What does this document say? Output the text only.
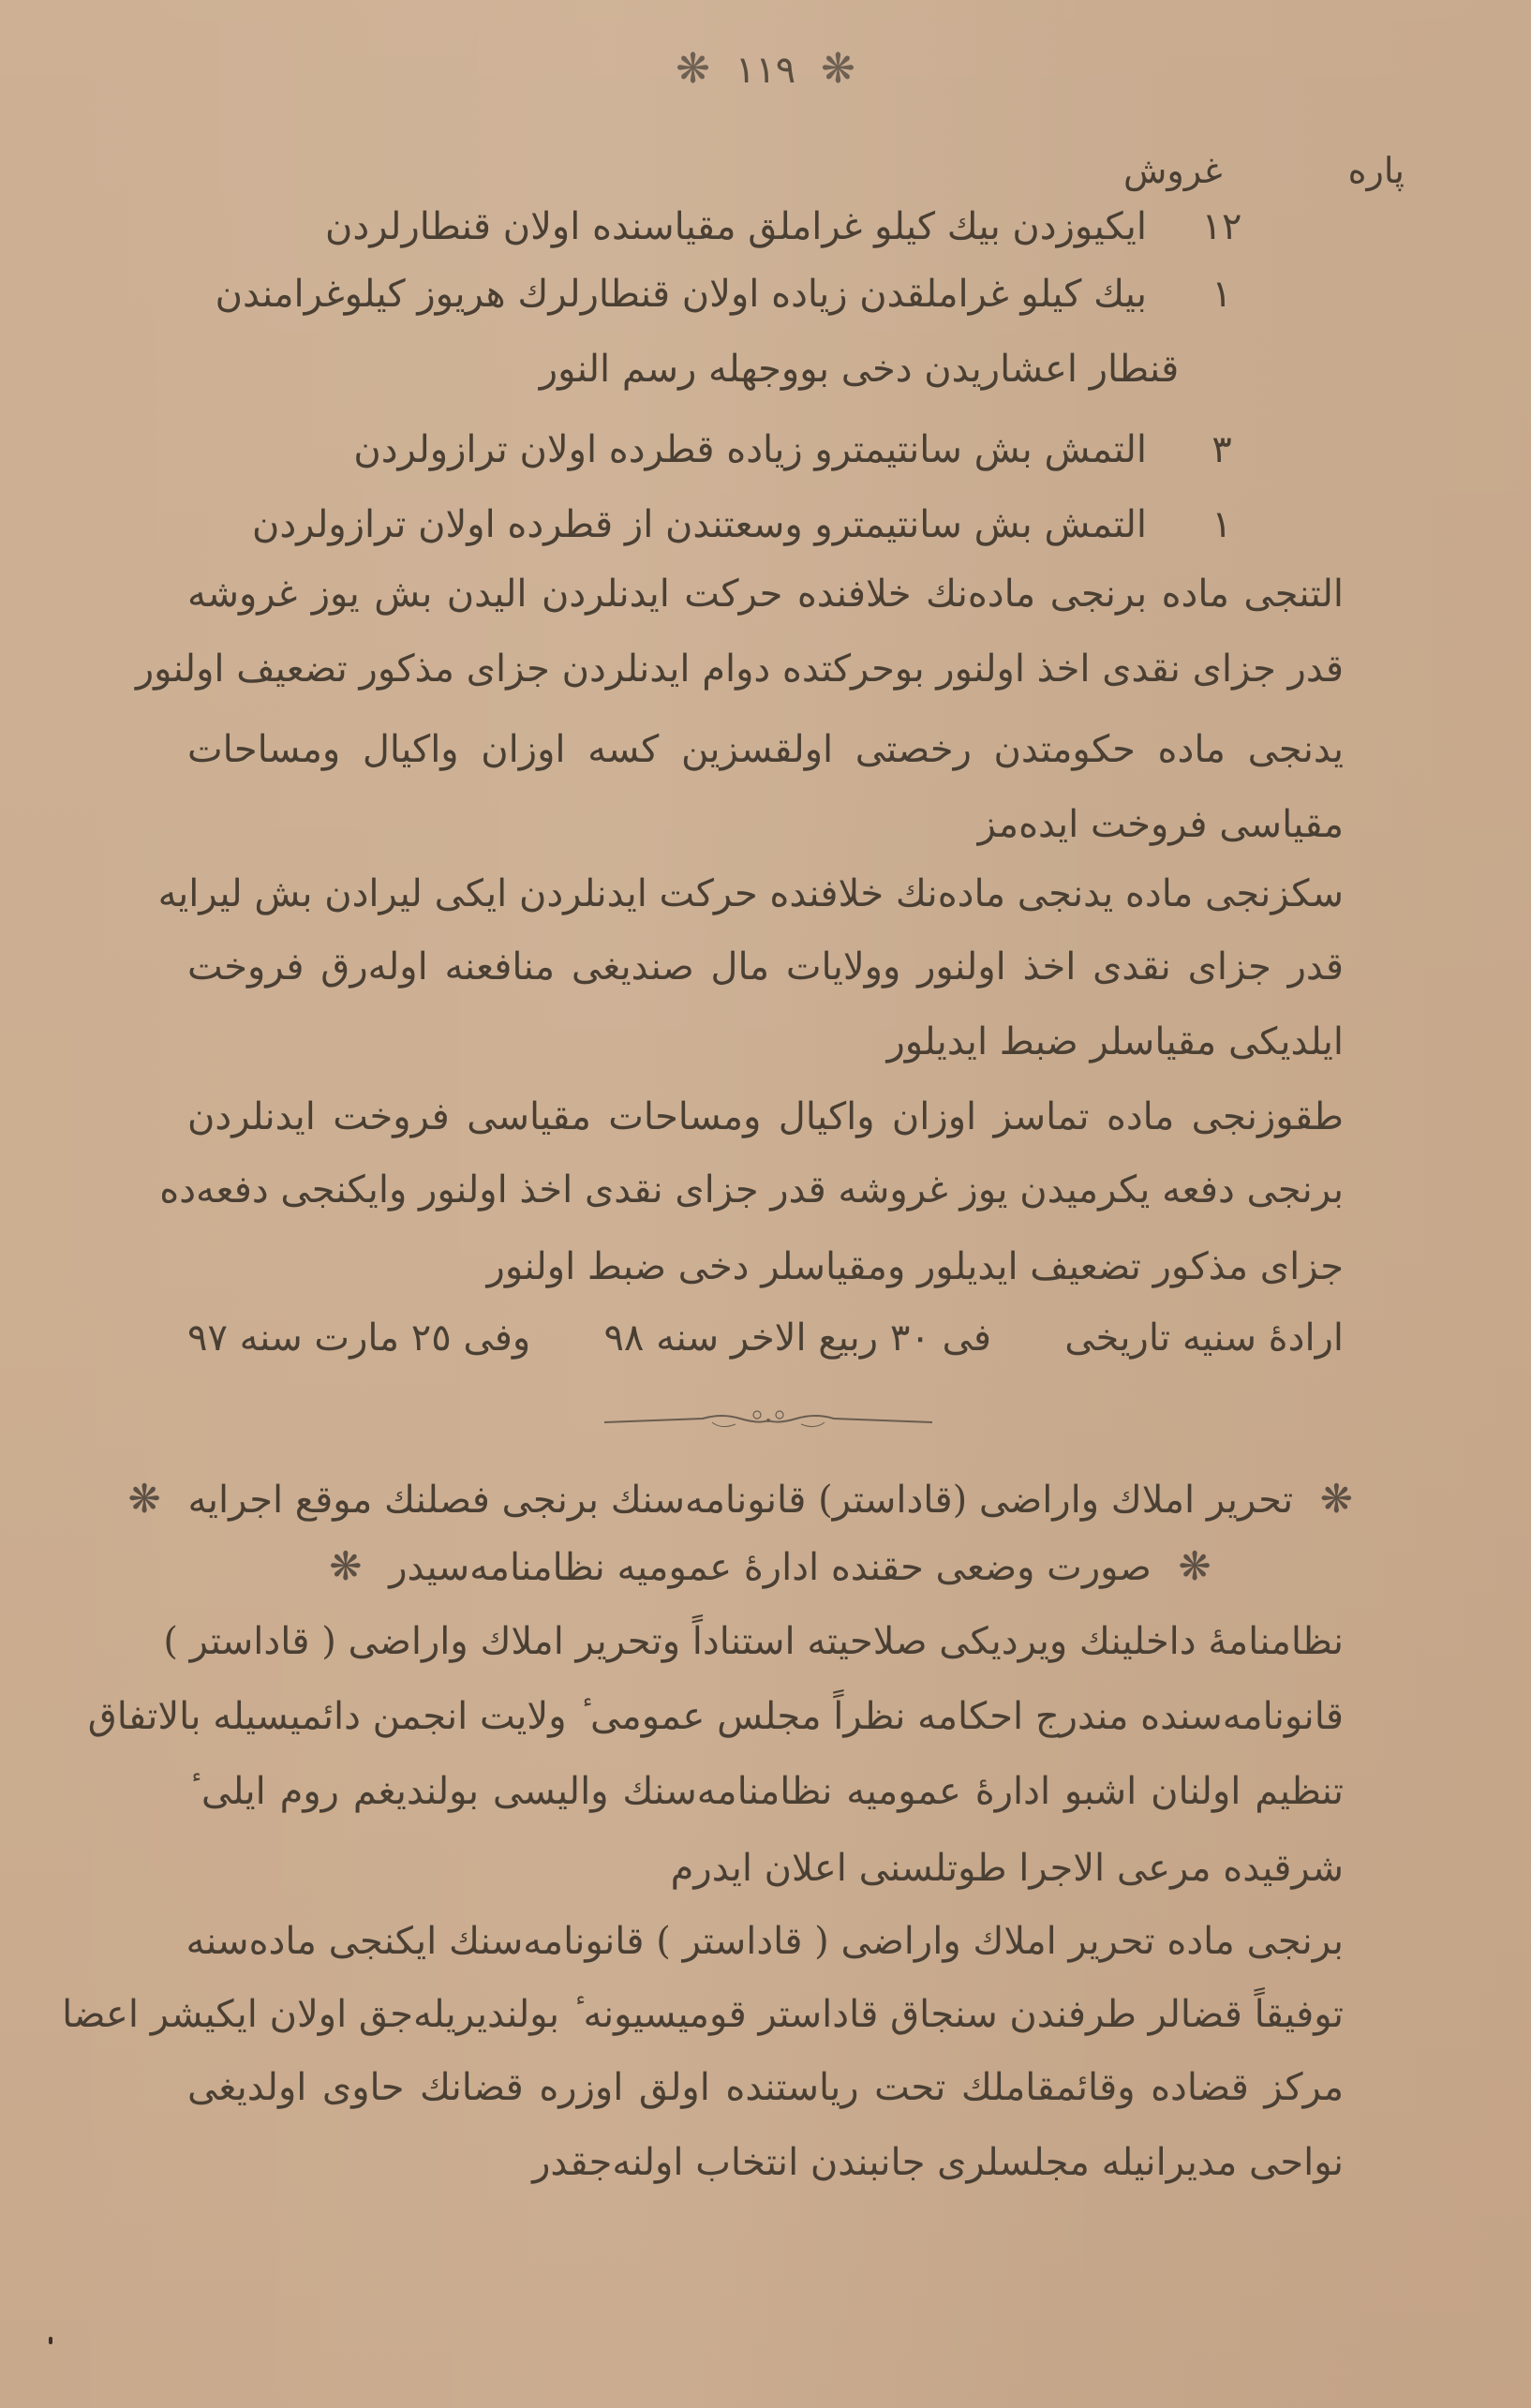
❋ ١١٩ ❋
پاره
غروش
١٢
ایكیوزدن بیك كیلو غراملق مقیاسنده اولان قنطارلردن
١
بیك كیلو غراملقدن زیاده اولان قنطارلرك هریوز كیلوغرامندن
قنطار اعشاریدن دخی بووجهله رسم النور
٣
التمش بش سانتیمترو زیاده قطرده اولان ترازولردن
١
التمش بش سانتیمترو وسعتندن از قطرده اولان ترازولردن
التنجی ماده برنجی ماده‌نك خلافنده حركت ایدنلردن الیدن بش یوز غروشه
قدر جزای نقدی اخذ اولنور بوحركتده دوام ایدنلردن جزای مذكور تضعیف اولنور
یدنجی ماده حكومتدن رخصتی اولقسزین كسه اوزان واكیال ومساحات
مقیاسی فروخت ایده‌مز
سكزنجی ماده یدنجی ماده‌نك خلافنده حركت ایدنلردن ایكی لیرادن بش لیرایه
قدر جزای نقدی اخذ اولنور وولایات مال صندیغی منافعنه اولەرق فروخت
ایلدیكی مقیاسلر ضبط ایدیلور
طقوزنجی ماده تماسز اوزان واكیال ومساحات مقیاسی فروخت ایدنلردن
برنجی دفعه یكرمیدن یوز غروشه قدر جزای نقدی اخذ اولنور وایكنجی دفعه‌ده
جزای مذكور تضعیف ایدیلور ومقیاسلر دخی ضبط اولنور
ارادهٔ سنیه تاریخی
فی ٣٠ ربیع الاخر سنه ٩٨
وفی ٢٥ مارت سنه ٩٧
❋ تحریر املاك واراضی (قاداستر) قانونامه‌سنك برنجی فصلنك موقع اجرایه ❋
❋ صورت وضعی حقنده ادارهٔ عمومیه نظامنامه‌سیدر ❋
نظامنامهٔ داخلینك ویردیكی صلاحیته استناداً وتحریر املاك واراضی ( قاداستر )
قانونامه‌سنده مندرج احكامه نظراً مجلس عمومی ٔ ولایت انجمن دائمیسیله بالاتفاق
تنظیم اولنان اشبو ادارهٔ عمومیه نظامنامه‌سنك والیسی بولندیغم روم ایلی ٔ
شرقیده مرعی الاجرا طوتلسنی اعلان ایدرم
برنجی ماده تحریر املاك واراضی ( قاداستر ) قانونامه‌سنك ایكنجی ماده‌سنه
توفیقاً قضالر طرفندن سنجاق قاداستر قومیسیونه ٔ بولندیریله‌جق اولان ایكیشر اعضا
مركز قضاده وقائمقاملك تحت ریاستنده اولق اوزره قضانك حاوی اولدیغی
نواحی مدیرانیله مجلسلری جانبندن انتخاب اولنه‌جقدر
